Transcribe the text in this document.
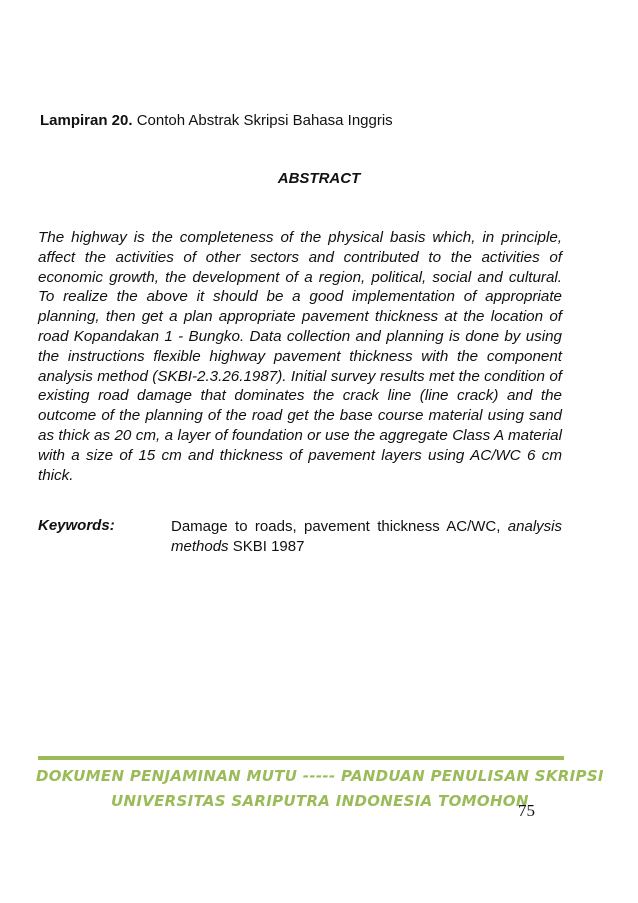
Lampiran 20. Contoh Abstrak Skripsi Bahasa Inggris
ABSTRACT
The highway is the completeness of the physical basis which, in principle, affect the activities of other sectors and contributed to the activities of economic growth, the development of a region, political, social and cultural. To realize the above it should be a good implementation of appropriate planning, then get a plan appropriate pavement thickness at the location of road Kopandakan 1 - Bungko. Data collection and planning is done by using the instructions flexible highway pavement thickness with the component analysis method (SKBI-2.3.26.1987). Initial survey results met the condition of existing road damage that dominates the crack line (line crack) and the outcome of the planning of the road get the base course material using sand as thick as 20 cm, a layer of foundation or use the aggregate Class A material with a size of 15 cm and thickness of pavement layers using AC/WC 6 cm thick.
Keywords:	Damage to roads, pavement thickness AC/WC, analysis methods SKBI 1987
DOKUMEN PENJAMINAN MUTU ----- PANDUAN PENULISAN SKRIPSI
UNIVERSITAS SARIPUTRA INDONESIA TOMOHON
75
